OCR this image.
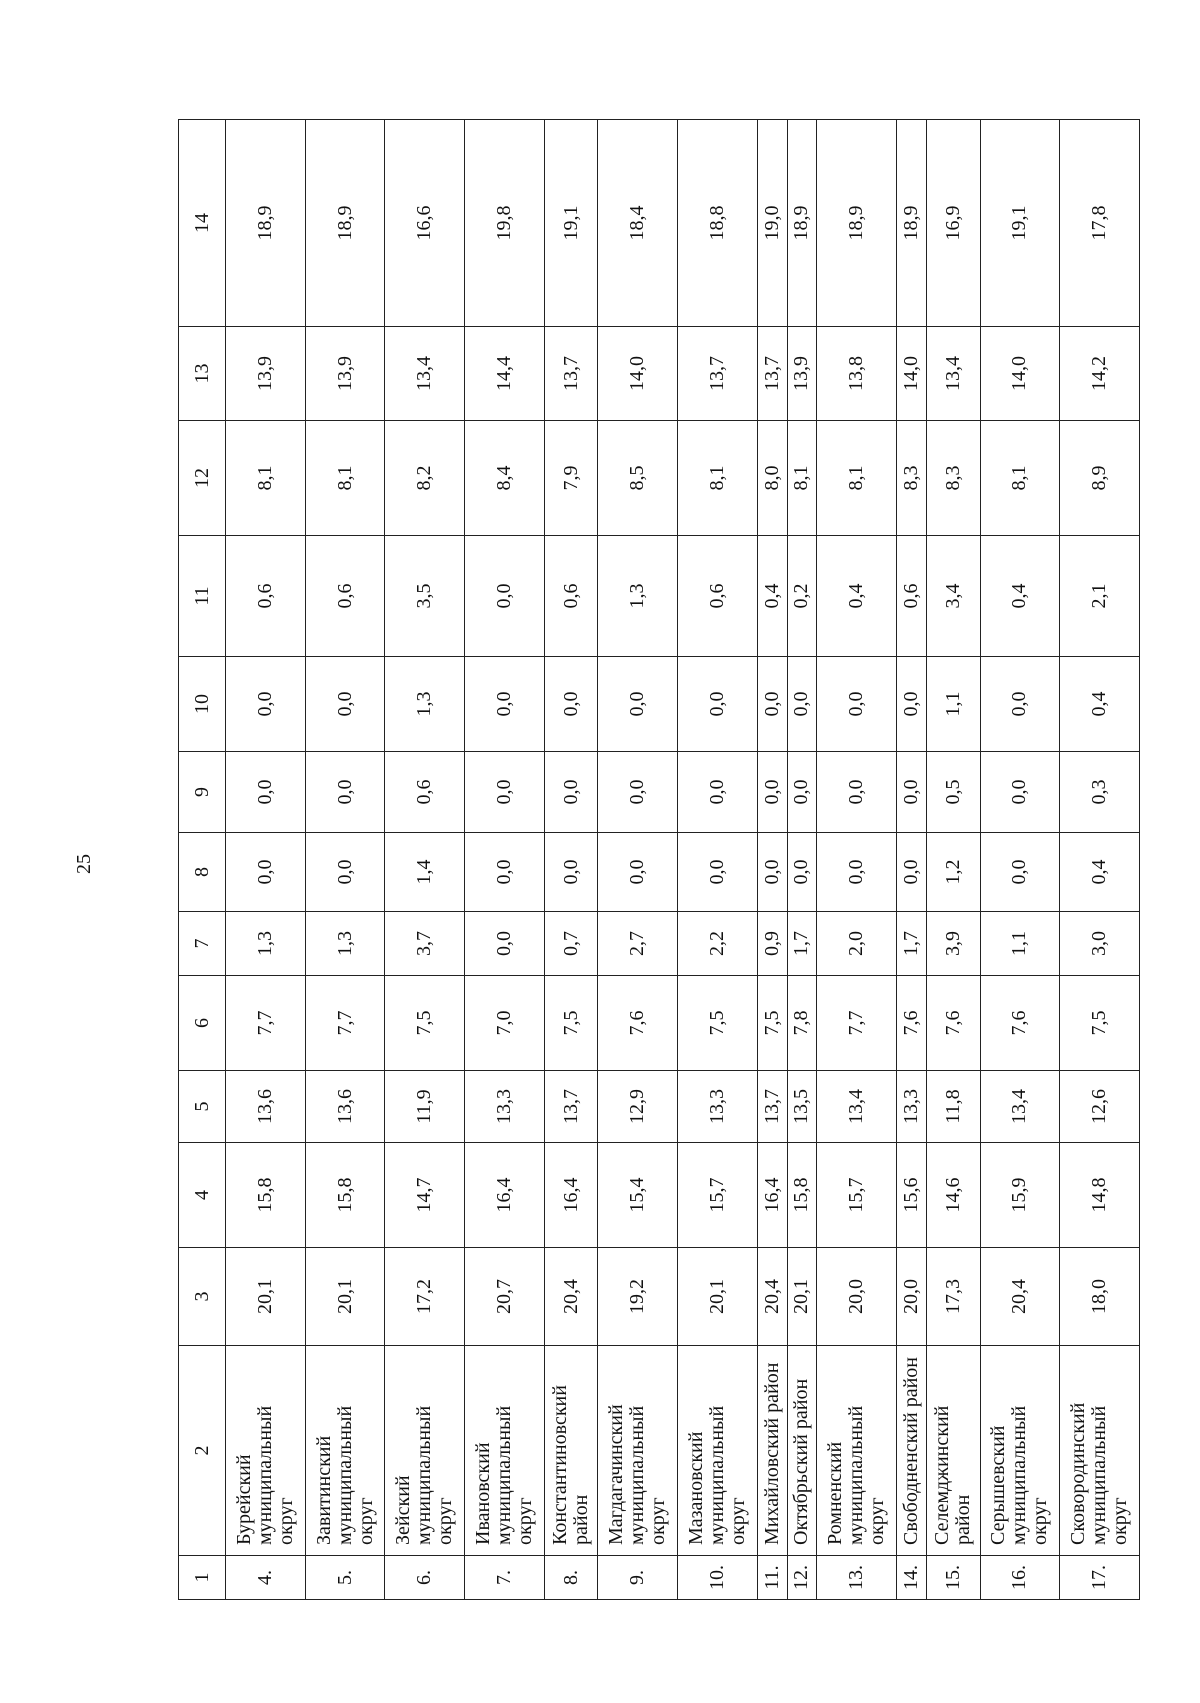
25
1	2	3	4	5	6	7	8	9	10	11	12	13	14
4.	Бурейский муниципальный округ	20,1	15,8	13,6	7,7	1,3	0,0	0,0	0,0	0,6	8,1	13,9	18,9
5.	Завитинский муниципальный округ	20,1	15,8	13,6	7,7	1,3	0,0	0,0	0,0	0,6	8,1	13,9	18,9
6.	Зейский муниципальный округ	17,2	14,7	11,9	7,5	3,7	1,4	0,6	1,3	3,5	8,2	13,4	16,6
7.	Ивановский муниципальный округ	20,7	16,4	13,3	7,0	0,0	0,0	0,0	0,0	0,0	8,4	14,4	19,8
8.	Константиновский район	20,4	16,4	13,7	7,5	0,7	0,0	0,0	0,0	0,6	7,9	13,7	19,1
9.	Магдагачинский муниципальный округ	19,2	15,4	12,9	7,6	2,7	0,0	0,0	0,0	1,3	8,5	14,0	18,4
10.	Мазановский муниципальный округ	20,1	15,7	13,3	7,5	2,2	0,0	0,0	0,0	0,6	8,1	13,7	18,8
11.	Михайловский район	20,4	16,4	13,7	7,5	0,9	0,0	0,0	0,0	0,4	8,0	13,7	19,0
12.	Октябрьский район	20,1	15,8	13,5	7,8	1,7	0,0	0,0	0,0	0,2	8,1	13,9	18,9
13.	Ромненский муниципальный округ	20,0	15,7	13,4	7,7	2,0	0,0	0,0	0,0	0,4	8,1	13,8	18,9
14.	Свободненский район	20,0	15,6	13,3	7,6	1,7	0,0	0,0	0,0	0,6	8,3	14,0	18,9
15.	Селемджинский район	17,3	14,6	11,8	7,6	3,9	1,2	0,5	1,1	3,4	8,3	13,4	16,9
16.	Серышевский муниципальный округ	20,4	15,9	13,4	7,6	1,1	0,0	0,0	0,0	0,4	8,1	14,0	19,1
17.	Сковородинский муниципальный округ	18,0	14,8	12,6	7,5	3,0	0,4	0,3	0,4	2,1	8,9	14,2	17,8
